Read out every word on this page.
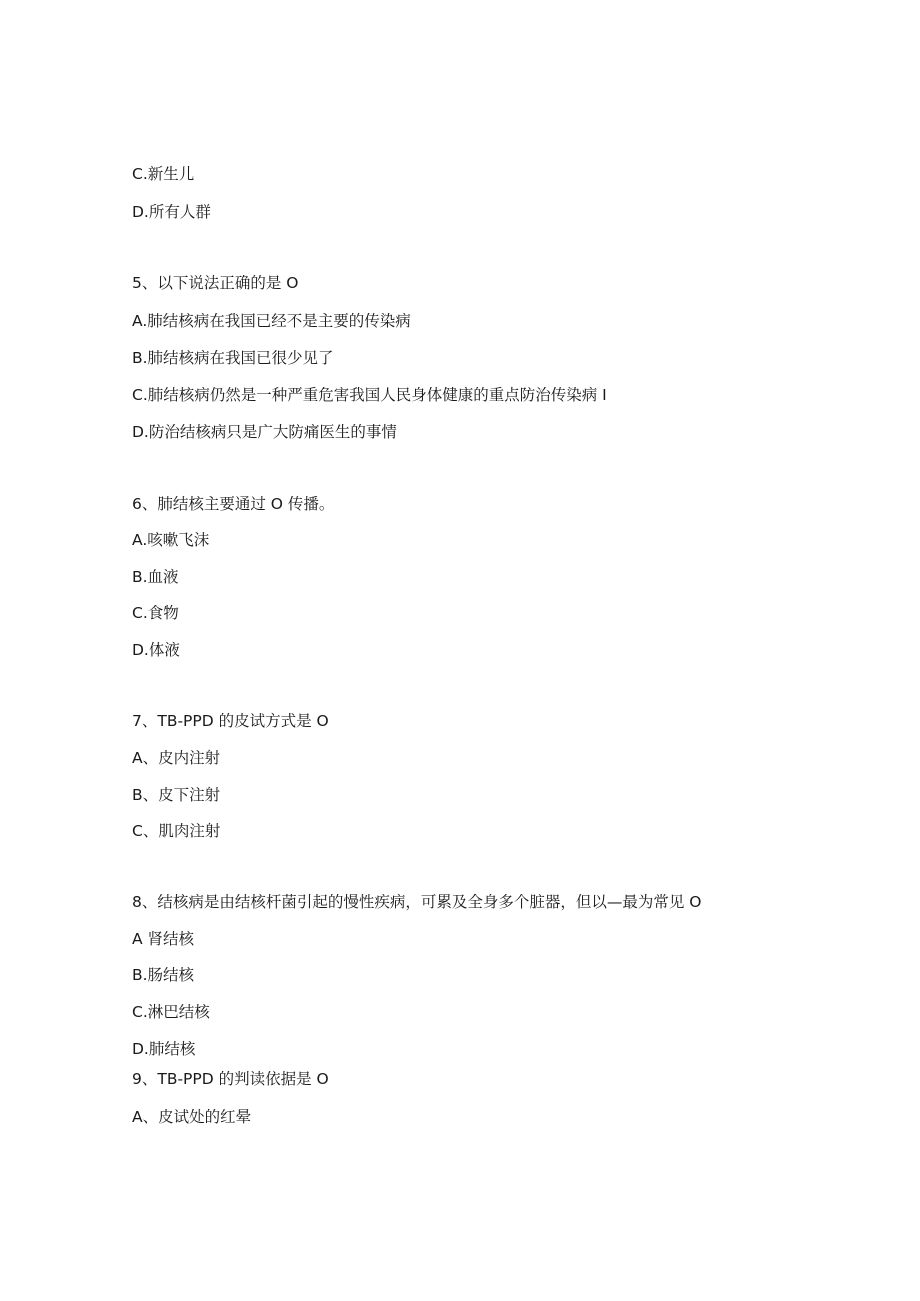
C.新生儿
D.所有人群
5、以下说法正确的是 O
A.肺结核病在我国已经不是主要的传染病
B.肺结核病在我国已很少见了
C.肺结核病仍然是一种严重危害我国人民身体健康的重点防治传染病 I
D.防治结核病只是广大防痛医生的事情
6、肺结核主要通过 O 传播。
A.咳嗽飞沫
B.血液
C.食物
D.体液
7、TB-PPD 的皮试方式是 O
A、皮内注射
B、皮下注射
C、肌肉注射
8、结核病是由结核杆菌引起的慢性疾病，可累及全身多个脏器，但以—最为常见 O
A 肾结核
B.肠结核
C.淋巴结核
D.肺结核
9、TB-PPD 的判读依据是 O
A、皮试处的红晕
